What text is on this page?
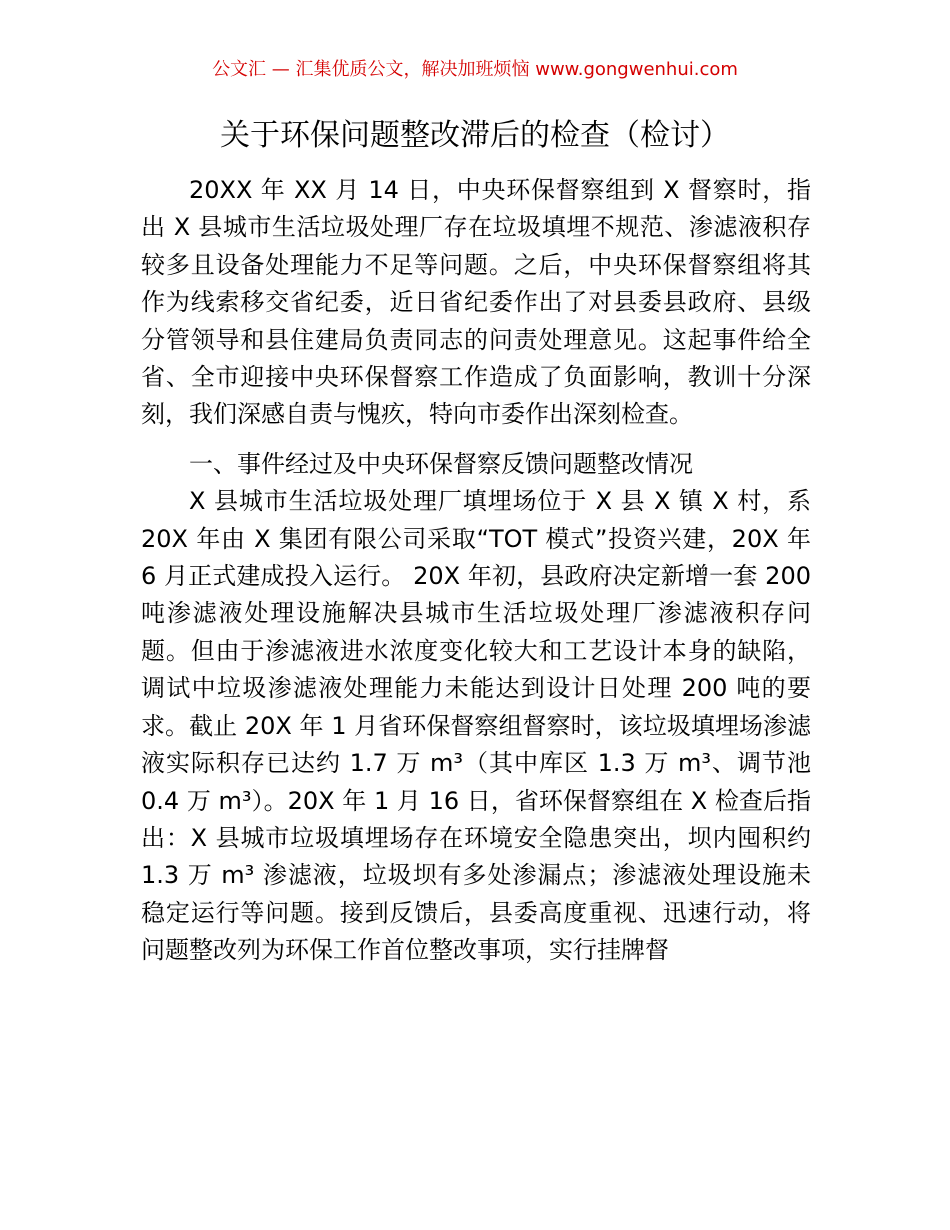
公文汇 — 汇集优质公文，解决加班烦恼 www.gongwenhui.com
关于环保问题整改滞后的检查（检讨）

20XX 年 XX 月 14 日，中央环保督察组到 X 督察时，指出 X 县城市生活垃圾处理厂存在垃圾填埋不规范、渗滤液积存较多且设备处理能力不足等问题。之后，中央环保督察组将其作为线索移交省纪委，近日省纪委作出了对县委县政府、县级分管领导和县住建局负责同志的问责处理意见。这起事件给全省、全市迎接中央环保督察工作造成了负面影响，教训十分深刻，我们深感自责与愧疚，特向市委作出深刻检查。

一、事件经过及中央环保督察反馈问题整改情况

X 县城市生活垃圾处理厂填埋场位于 X 县 X 镇 X 村，系 20X 年由 X 集团有限公司采取“TOT 模式”投资兴建，20X 年 6 月正式建成投入运行。 20X 年初，县政府决定新增一套 200 吨渗滤液处理设施解决县城市生活垃圾处理厂渗滤液积存问题。但由于渗滤液进水浓度变化较大和工艺设计本身的缺陷，调试中垃圾渗滤液处理能力未能达到设计日处理 200 吨的要求。截止 20X 年 1 月省环保督察组督察时，该垃圾填埋场渗滤液实际积存已达约 1.7 万 m³（其中库区 1.3 万 m³、调节池 0.4 万 m³）。20X 年 1 月 16 日，省环保督察组在 X 检查后指出：X 县城市垃圾填埋场存在环境安全隐患突出，坝内囤积约 1.3 万 m³ 渗滤液，垃圾坝有多处渗漏点；渗滤液处理设施未稳定运行等问题。接到反馈后，县委高度重视、迅速行动，将问题整改列为环保工作首位整改事项，实行挂牌督
